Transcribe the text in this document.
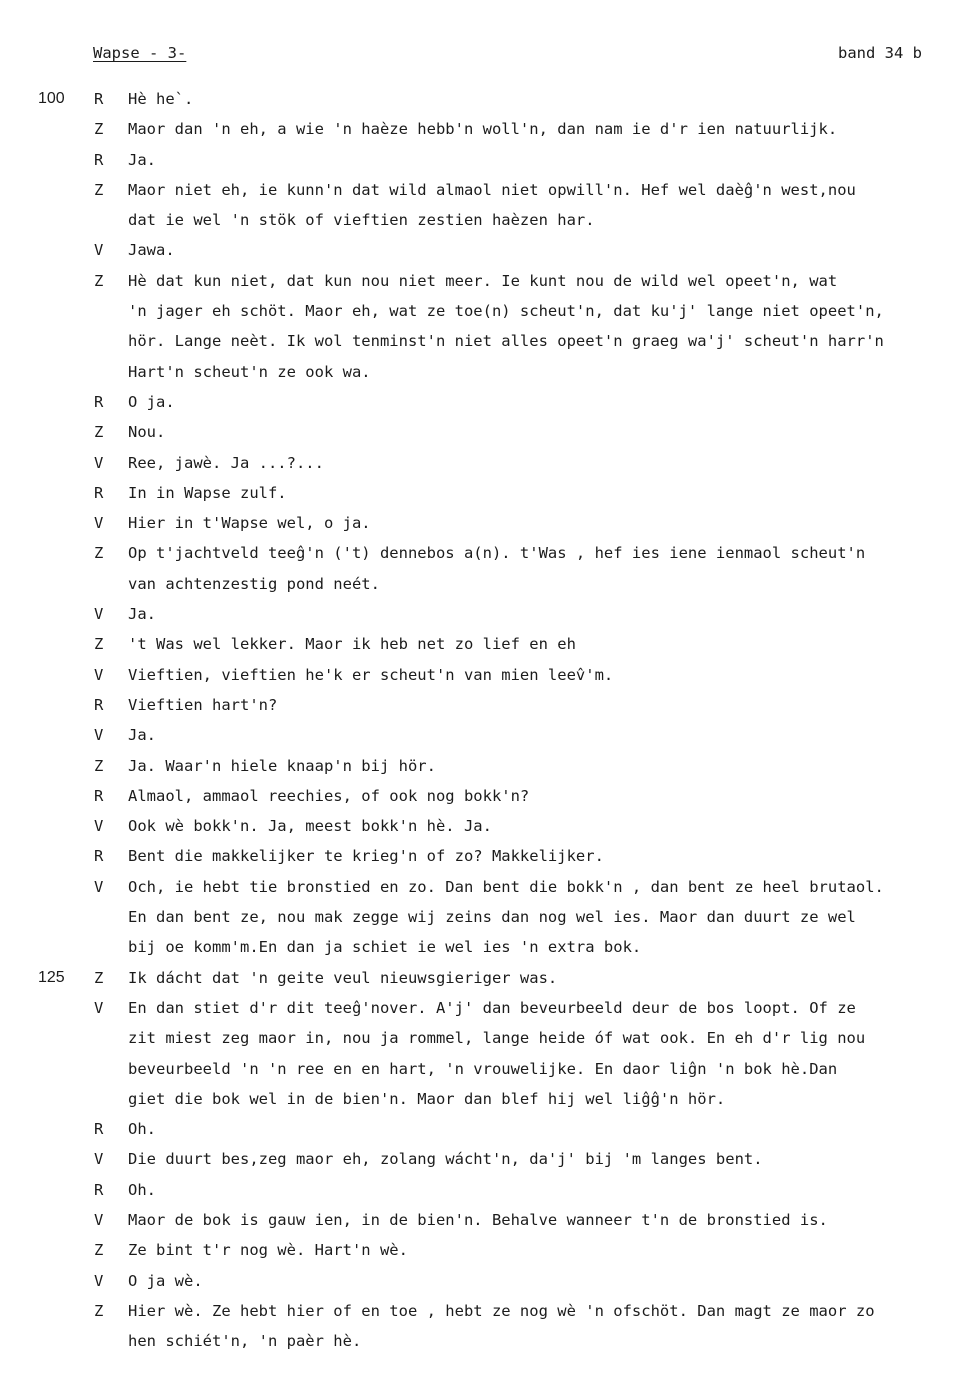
Wapse - 3-	band 34 b
100 R	Hè he`.
Z	Maor dan 'n eh, a wie 'n haèze hebb'n woll'n, dan nam ie d'r ien natuurlijk.
R	Ja.
Z	Maor niet eh, ie kunn'n dat wild almaol niet opwill'n. Hef wel daèĝ'n west,nou
dat ie wel 'n stök of vieftien zestien haèzen har.
V	Jawa.
Z	Hè dat kun niet, dat kun nou niet meer. Ie kunt nou de wild wel opeet'n, wat
'n jager eh schöt. Maor eh, wat ze toe(n) scheut'n, dat ku'j' lange niet opeet'n,
hör. Lange neèt. Ik wol tenminst'n niet alles opeet'n graeg wa'j' scheut'n harr'n
Hart'n scheut'n ze ook wa.
R	O ja.
Z	Nou.
V	Ree, jawè. Ja ...?...
R	In in Wapse zulf.
V	Hier in t'Wapse wel, o ja.
Z	Op t'jachtveld teeĝ'n ('t) dennebos a(n). t'Was , hef ies iene ienmaol scheut'n
van achtenzestig pond neét.
V	Ja.
Z	't Was wel lekker. Maor ik heb net zo lief en eh
V	Vieftien, vieftien he'k er scheut'n van mien leev̂'m.
R	Vieftien hart'n?
V	Ja.
Z	Ja. Waar'n hiele knaap'n bij hör.
R	Almaol, ammaol reechies, of ook nog bokk'n?
V	Ook wè bokk'n. Ja, meest bokk'n hè. Ja.
R	Bent die makkelijker te krieg'n of zo? Makkelijker.
V	Och, ie hebt tie bronstied en zo. Dan bent die bokk'n , dan bent ze heel brutaol.
En dan bent ze, nou mak zegge wij zeins dan nog wel ies. Maor dan duurt ze wel
bij oe komm'm.En dan ja schiet ie wel ies 'n extra bok.
125 Z	Ik dácht dat 'n geite veul nieuwsgieriger was.
V	En dan stiet d'r dit teeĝ'nover. A'j' dan beveurbeeld deur de bos loopt. Of ze
zit miest zeg maor in, nou ja rommel, lange heide óf wat ook. En eh d'r lig nou
beveurbeeld 'n 'n ree en en hart, 'n vrouwelijke. En daor liĝn 'n bok hè.Dan
giet die bok wel in de bien'n. Maor dan blef hij wel liĝĝ'n hör.
R	Oh.
V	Die duurt bes,zeg maor eh, zolang wácht'n, da'j' bij 'm langes bent.
R	Oh.
V	Maor de bok is gauw ien, in de bien'n. Behalve wanneer t'n de bronstied is.
Z	Ze bint t'r nog wè. Hart'n wè.
V	O ja wè.
Z	Hier wè. Ze hebt hier of en toe , hebt ze nog wè 'n ofschöt. Dan magt ze maor zo
hen schiét'n, 'n paèr hè.
